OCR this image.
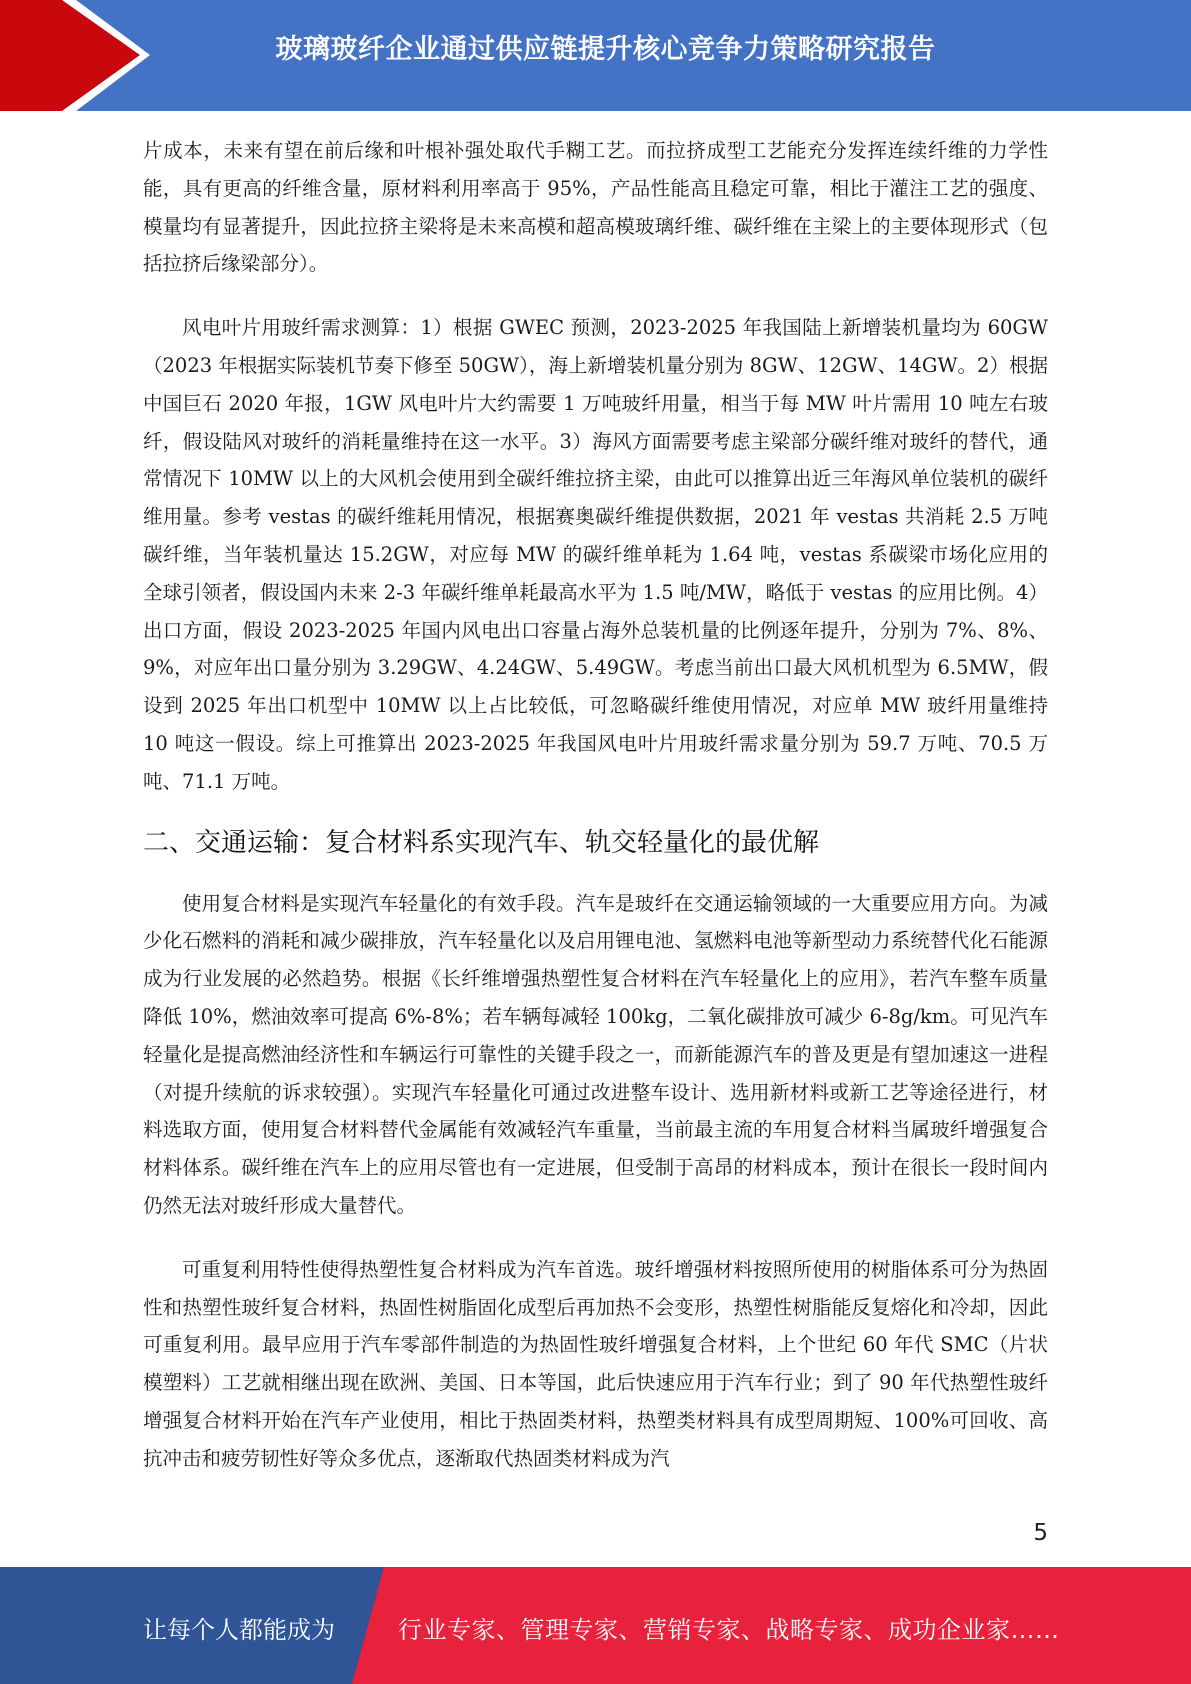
玻璃玻纤企业通过供应链提升核心竞争力策略研究报告

片成本，未来有望在前后缘和叶根补强处取代手糊工艺。而拉挤成型工艺能充分发挥连续纤维的力学性能，具有更高的纤维含量，原材料利用率高于 95%，产品性能高且稳定可靠，相比于灌注工艺的强度、模量均有显著提升，因此拉挤主梁将是未来高模和超高模玻璃纤维、碳纤维在主梁上的主要体现形式（包括拉挤后缘梁部分）。

风电叶片用玻纤需求测算：1）根据 GWEC 预测，2023-2025 年我国陆上新增装机量均为 60GW（2023 年根据实际装机节奏下修至 50GW），海上新增装机量分别为 8GW、12GW、14GW。2）根据中国巨石 2020 年报，1GW 风电叶片大约需要 1 万吨玻纤用量，相当于每 MW 叶片需用 10 吨左右玻纤，假设陆风对玻纤的消耗量维持在这一水平。3）海风方面需要考虑主梁部分碳纤维对玻纤的替代，通常情况下 10MW 以上的大风机会使用到全碳纤维拉挤主梁，由此可以推算出近三年海风单位装机的碳纤维用量。参考 vestas 的碳纤维耗用情况，根据赛奥碳纤维提供数据，2021 年 vestas 共消耗 2.5 万吨碳纤维，当年装机量达 15.2GW，对应每 MW 的碳纤维单耗为 1.64 吨，vestas 系碳梁市场化应用的全球引领者，假设国内未来 2-3 年碳纤维单耗最高水平为 1.5 吨/MW，略低于 vestas 的应用比例。4）出口方面，假设 2023-2025 年国内风电出口容量占海外总装机量的比例逐年提升，分别为 7%、8%、9%，对应年出口量分别为 3.29GW、4.24GW、5.49GW。考虑当前出口最大风机机型为 6.5MW，假设到 2025 年出口机型中 10MW 以上占比较低，可忽略碳纤维使用情况，对应单 MW 玻纤用量维持 10 吨这一假设。综上可推算出 2023-2025 年我国风电叶片用玻纤需求量分别为 59.7 万吨、70.5 万吨、71.1 万吨。

二、交通运输：复合材料系实现汽车、轨交轻量化的最优解

使用复合材料是实现汽车轻量化的有效手段。汽车是玻纤在交通运输领域的一大重要应用方向。为减少化石燃料的消耗和减少碳排放，汽车轻量化以及启用锂电池、氢燃料电池等新型动力系统替代化石能源成为行业发展的必然趋势。根据《长纤维增强热塑性复合材料在汽车轻量化上的应用》，若汽车整车质量降低 10%，燃油效率可提高 6%-8%；若车辆每减轻 100kg，二氧化碳排放可减少 6-8g/km。可见汽车轻量化是提高燃油经济性和车辆运行可靠性的关键手段之一，而新能源汽车的普及更是有望加速这一进程（对提升续航的诉求较强）。实现汽车轻量化可通过改进整车设计、选用新材料或新工艺等途径进行，材料选取方面，使用复合材料替代金属能有效减轻汽车重量，当前最主流的车用复合材料当属玻纤增强复合材料体系。碳纤维在汽车上的应用尽管也有一定进展，但受制于高昂的材料成本，预计在很长一段时间内仍然无法对玻纤形成大量替代。

可重复利用特性使得热塑性复合材料成为汽车首选。玻纤增强材料按照所使用的树脂体系可分为热固性和热塑性玻纤复合材料，热固性树脂固化成型后再加热不会变形，热塑性树脂能反复熔化和冷却，因此可重复利用。最早应用于汽车零部件制造的为热固性玻纤增强复合材料，上个世纪 60 年代 SMC（片状模塑料）工艺就相继出现在欧洲、美国、日本等国，此后快速应用于汽车行业；到了 90 年代热塑性玻纤增强复合材料开始在汽车产业使用，相比于热固类材料，热塑类材料具有成型周期短、100%可回收、高抗冲击和疲劳韧性好等众多优点，逐渐取代热固类材料成为汽

5
让每个人都能成为	行业专家、管理专家、营销专家、战略专家、成功企业家……
